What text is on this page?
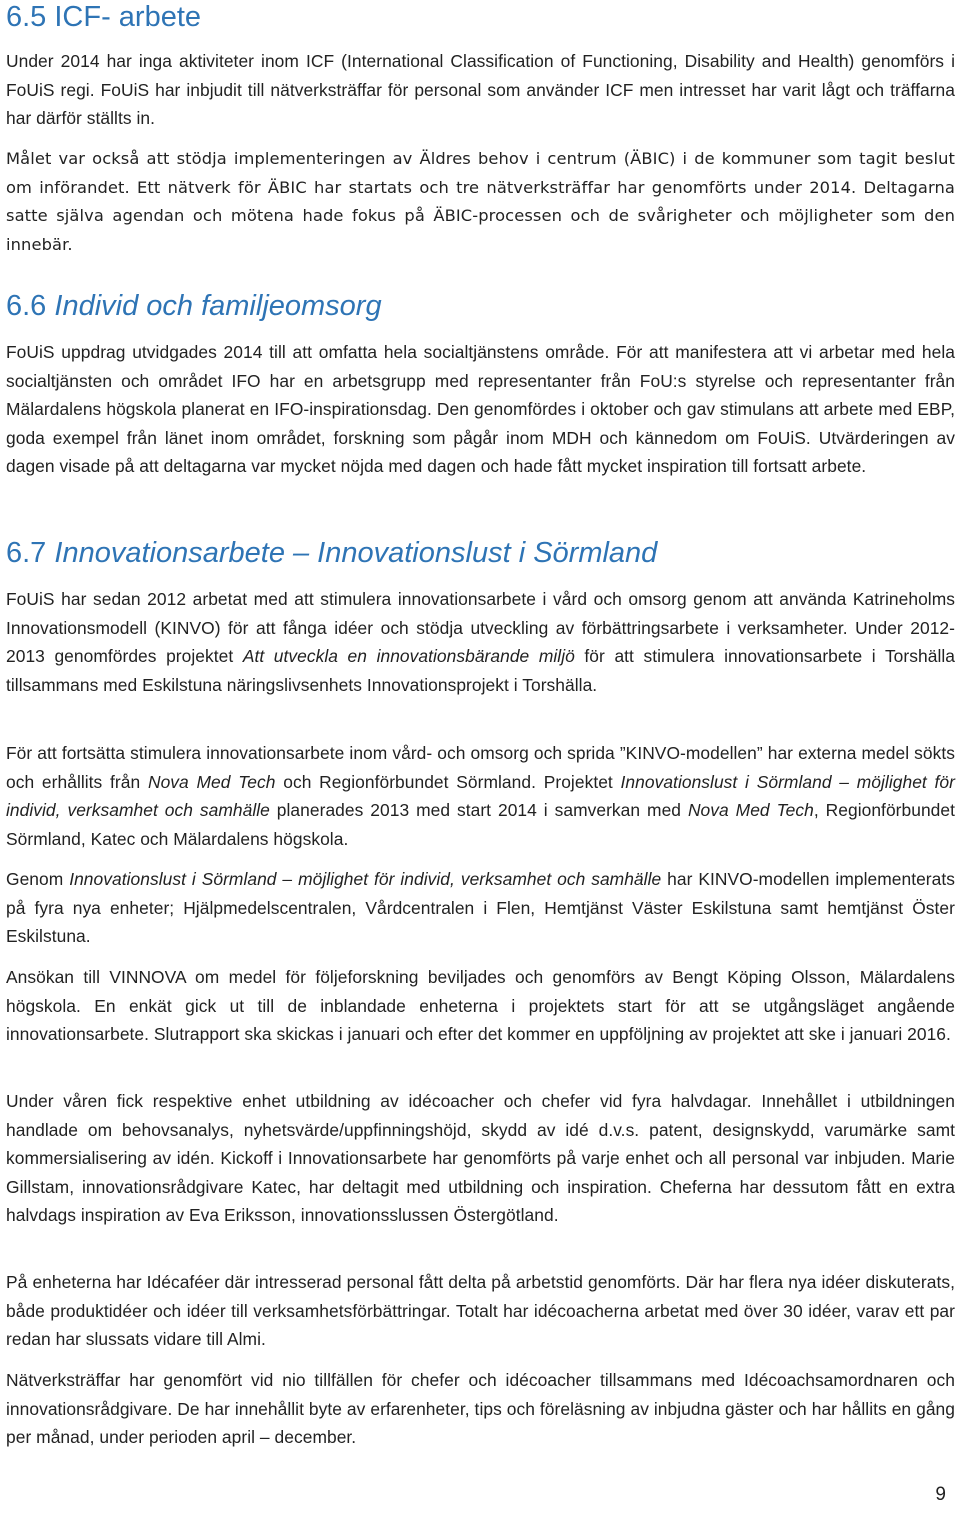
6.5 ICF- arbete

Under 2014 har inga aktiviteter inom ICF (International Classification of Functioning, Disability and Health) genomförs i FoUiS regi. FoUiS har inbjudit till nätverksträffar för personal som använder ICF men intresset har varit lågt och träffarna har därför ställts in.

Målet var också att stödja implementeringen av Äldres behov i centrum (ÄBIC) i de kommuner som tagit beslut om införandet. Ett nätverk för ÄBIC har startats och tre nätverksträffar har genomförts under 2014. Deltagarna satte själva agendan och mötena hade fokus på ÄBIC-processen och de svårigheter och möjligheter som den innebär.

6.6 Individ och familjeomsorg

FoUiS uppdrag utvidgades 2014 till att omfatta hela socialtjänstens område. För att manifestera att vi arbetar med hela socialtjänsten och området IFO har en arbetsgrupp med representanter från FoU:s styrelse och representanter från Mälardalens högskola planerat en IFO-inspirationsdag. Den genomfördes i oktober och gav stimulans att arbete med EBP, goda exempel från länet inom området, forskning som pågår inom MDH och kännedom om FoUiS. Utvärderingen av dagen visade på att deltagarna var mycket nöjda med dagen och hade fått mycket inspiration till fortsatt arbete.

6.7 Innovationsarbete – Innovationslust i Sörmland

FoUiS har sedan 2012 arbetat med att stimulera innovationsarbete i vård och omsorg genom att använda Katrineholms Innovationsmodell (KINVO) för att fånga idéer och stödja utveckling av förbättringsarbete i verksamheter. Under 2012-2013 genomfördes projektet Att utveckla en innovationsbärande miljö för att stimulera innovationsarbete i Torshälla tillsammans med Eskilstuna näringslivsenhets Innovationsprojekt i Torshälla.

För att fortsätta stimulera innovationsarbete inom vård- och omsorg och sprida ”KINVO-modellen” har externa medel sökts och erhållits från Nova Med Tech och Regionförbundet Sörmland. Projektet Innovationslust i Sörmland – möjlighet för individ, verksamhet och samhälle planerades 2013 med start 2014 i samverkan med Nova Med Tech, Regionförbundet Sörmland, Katec och Mälardalens högskola.

Genom Innovationslust i Sörmland – möjlighet för individ, verksamhet och samhälle har KINVO-modellen implementerats på fyra nya enheter; Hjälpmedelscentralen, Vårdcentralen i Flen, Hemtjänst Väster Eskilstuna samt hemtjänst Öster Eskilstuna.

Ansökan till VINNOVA om medel för följeforskning beviljades och genomförs av Bengt Köping Olsson, Mälardalens högskola. En enkät gick ut till de inblandade enheterna i projektets start för att se utgångsläget angående innovationsarbete. Slutrapport ska skickas i januari och efter det kommer en uppföljning av projektet att ske i januari 2016.

Under våren fick respektive enhet utbildning av idécoacher och chefer vid fyra halvdagar. Innehållet i utbildningen handlade om behovsanalys, nyhetsvärde/uppfinningshöjd, skydd av idé d.v.s. patent, designskydd, varumärke samt kommersialisering av idén. Kickoff i Innovationsarbete har genomförts på varje enhet och all personal var inbjuden. Marie Gillstam, innovationsrådgivare Katec, har deltagit med utbildning och inspiration. Cheferna har dessutom fått en extra halvdags inspiration av Eva Eriksson, innovationsslussen Östergötland.

På enheterna har Idécaféer där intresserad personal fått delta på arbetstid genomförts. Där har flera nya idéer diskuterats, både produktidéer och idéer till verksamhetsförbättringar. Totalt har idécoacherna arbetat med över 30 idéer, varav ett par redan har slussats vidare till Almi.

Nätverksträffar har genomfört vid nio tillfällen för chefer och idécoacher tillsammans med Idécoachsamordnaren och innovationsrådgivare. De har innehållit byte av erfarenheter, tips och föreläsning av inbjudna gäster och har hållits en gång per månad, under perioden april – december.

9
